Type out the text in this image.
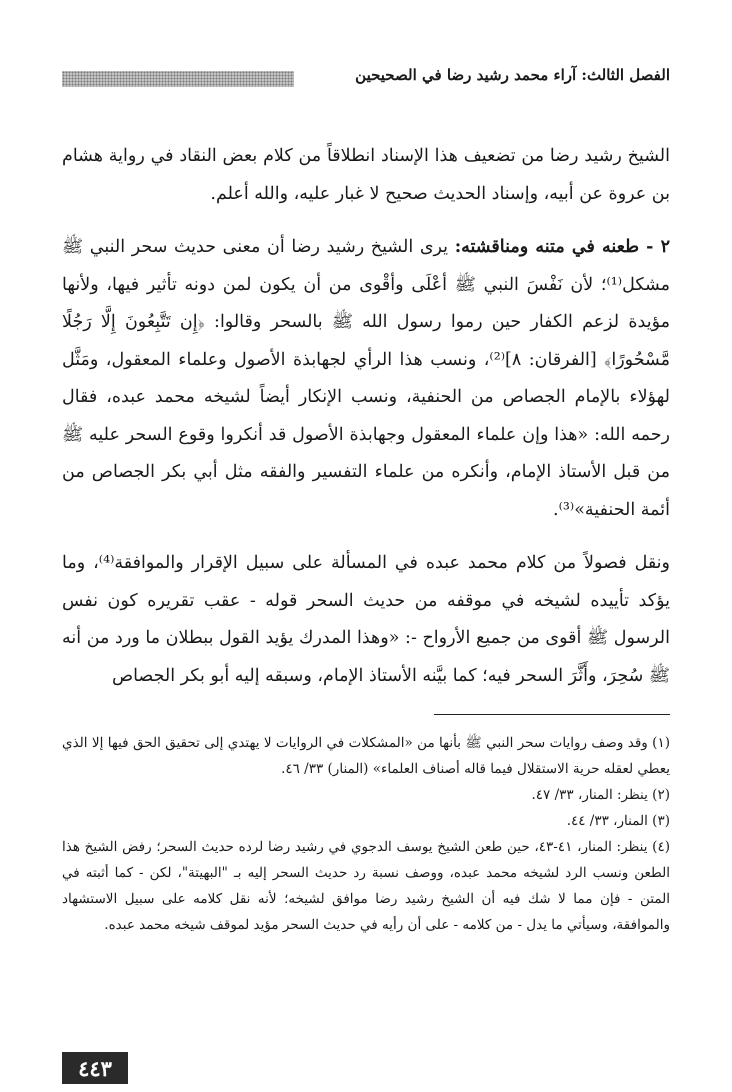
الفصل الثالث: آراء محمد رشيد رضا في الصحيحين

الشيخ رشيد رضا من تضعيف هذا الإسناد انطلاقاً من كلام بعض النقاد في رواية هشام بن عروة عن أبيه، وإسناد الحديث صحيح لا غبار عليه، والله أعلم.

٢ - طعنه في متنه ومناقشته: يرى الشيخ رشيد رضا أن معنى حديث سحر النبي ﷺ مشكل⁽¹⁾؛ لأن نَفْسَ النبي ﷺ أعْلَى وأقْوى من أن يكون لمن دونه تأثير فيها، ولأنها مؤيدة لزعم الكفار حين رموا رسول الله ﷺ بالسحر وقالوا: ﴿إِن تَتَّبِعُونَ إِلَّا رَجُلًا مَّسْحُورًا﴾ [الفرقان: ٨]⁽²⁾، ونسب هذا الرأي لجهابذة الأصول وعلماء المعقول، ومَثَّل لهؤلاء بالإمام الجصاص من الحنفية، ونسب الإنكار أيضاً لشيخه محمد عبده، فقال رحمه الله: «هذا وإن علماء المعقول وجهابذة الأصول قد أنكروا وقوع السحر عليه ﷺ من قبل الأستاذ الإمام، وأنكره من علماء التفسير والفقه مثل أبي بكر الجصاص من أئمة الحنفية»⁽³⁾.

ونقل فصولاً من كلام محمد عبده في المسألة على سبيل الإقرار والموافقة⁽⁴⁾، وما يؤكد تأييده لشيخه في موقفه من حديث السحر قوله - عقب تقريره كون نفس الرسول ﷺ أقوى من جميع الأرواح -: «وهذا المدرك يؤيد القول ببطلان ما ورد من أنه ﷺ سُحِرَ، وأَثَّرَ السحر فيه؛ كما بيَّنه الأستاذ الإمام، وسبقه إليه أبو بكر الجصاص

(١) وقد وصف روايات سحر النبي ﷺ بأنها من «المشكلات في الروايات لا يهتدي إلى تحقيق الحق فيها إلا الذي يعطي لعقله حرية الاستقلال فيما قاله أصناف العلماء» (المنار) ٣٣/ ٤٦.

(٢) ينظر: المنار، ٣٣/ ٤٧.

(٣) المنار، ٣٣/ ٤٤.

(٤) ينظر: المنار، ٤١-٤٣، حين طعن الشيخ يوسف الدجوي في رشيد رضا لرده حديث السحر؛ رفض الشيخ هذا الطعن ونسب الرد لشيخه محمد عبده، ووصف نسبة رد حديث السحر إليه بـ "البهيتة"، لكن - كما أثبته في المتن - فإن مما لا شك فيه أن الشيخ رشيد رضا موافق لشيخه؛ لأنه نقل كلامه على سبيل الاستشهاد والموافقة، وسيأتي ما يدل - من كلامه - على أن رأيه في حديث السحر مؤيد لموقف شيخه محمد عبده.

٤٤٣
